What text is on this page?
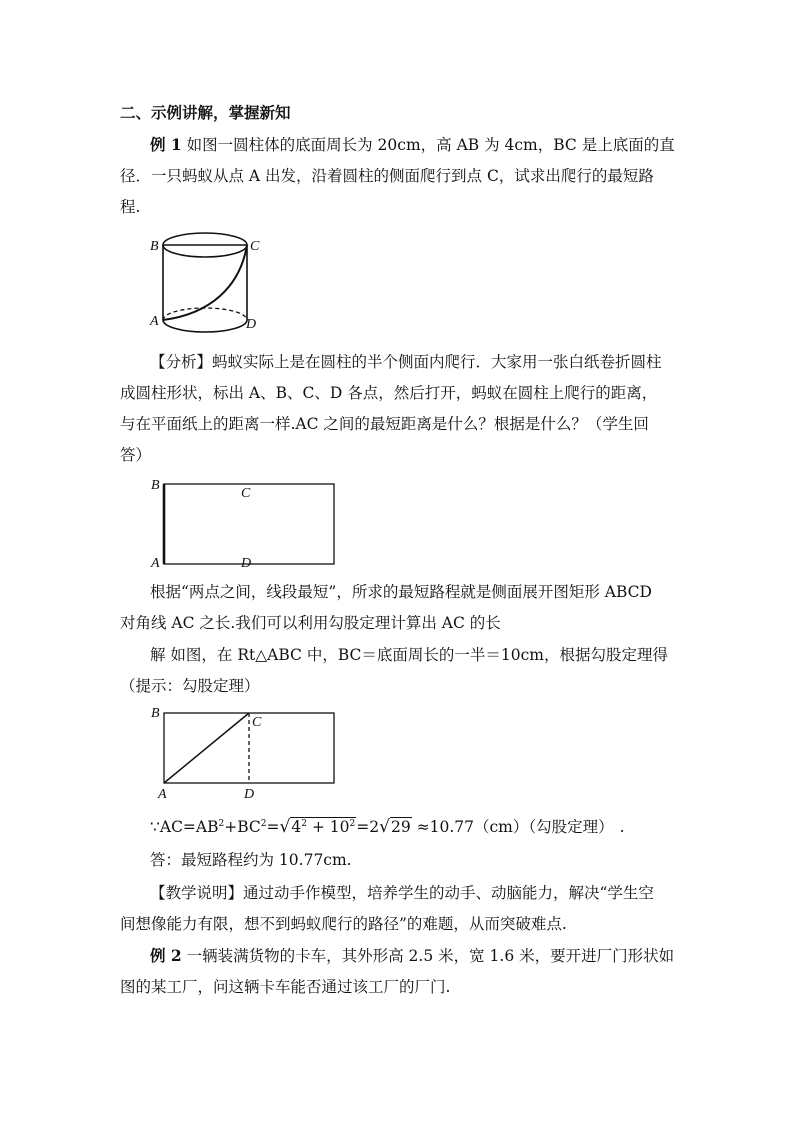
二、示例讲解，掌握新知
例 1 如图一圆柱体的底面周长为 20cm，高 AB 为 4cm，BC 是上底面的直
径．一只蚂蚁从点 A 出发，沿着圆柱的侧面爬行到点 C，试求出爬行的最短路
程.
B	C
A	D
【分析】蚂蚁实际上是在圆柱的半个侧面内爬行．大家用一张白纸卷折圆柱
成圆柱形状，标出 A、B、C、D 各点，然后打开，蚂蚁在圆柱上爬行的距离，
与在平面纸上的距离一样.AC 之间的最短距离是什么？根据是什么？（学生回
答）
B
C
A	D
根据“两点之间，线段最短”，所求的最短路程就是侧面展开图矩形 ABCD
对角线 AC 之长.我们可以利用勾股定理计算出 AC 的长
解 如图，在 Rt△ABC 中，BC＝底面周长的一半＝10cm，根据勾股定理得
（提示：勾股定理）
B
C
A	D
$\because AC=AB^2+BC^2=√4^2 + 10^2=2√29 \approx 10.77(cm)$（勾股定理） .
答：最短路程约为 10.77cm.
【教学说明】通过动手作模型，培养学生的动手、动脑能力，解决“学生空
间想像能力有限，想不到蚂蚁爬行的路径”的难题，从而突破难点.
例 2 一辆装满货物的卡车，其外形高 2.5 米，宽 1.6 米，要开进厂门形状如
图的某工厂，问这辆卡车能否通过该工厂的厂门.
